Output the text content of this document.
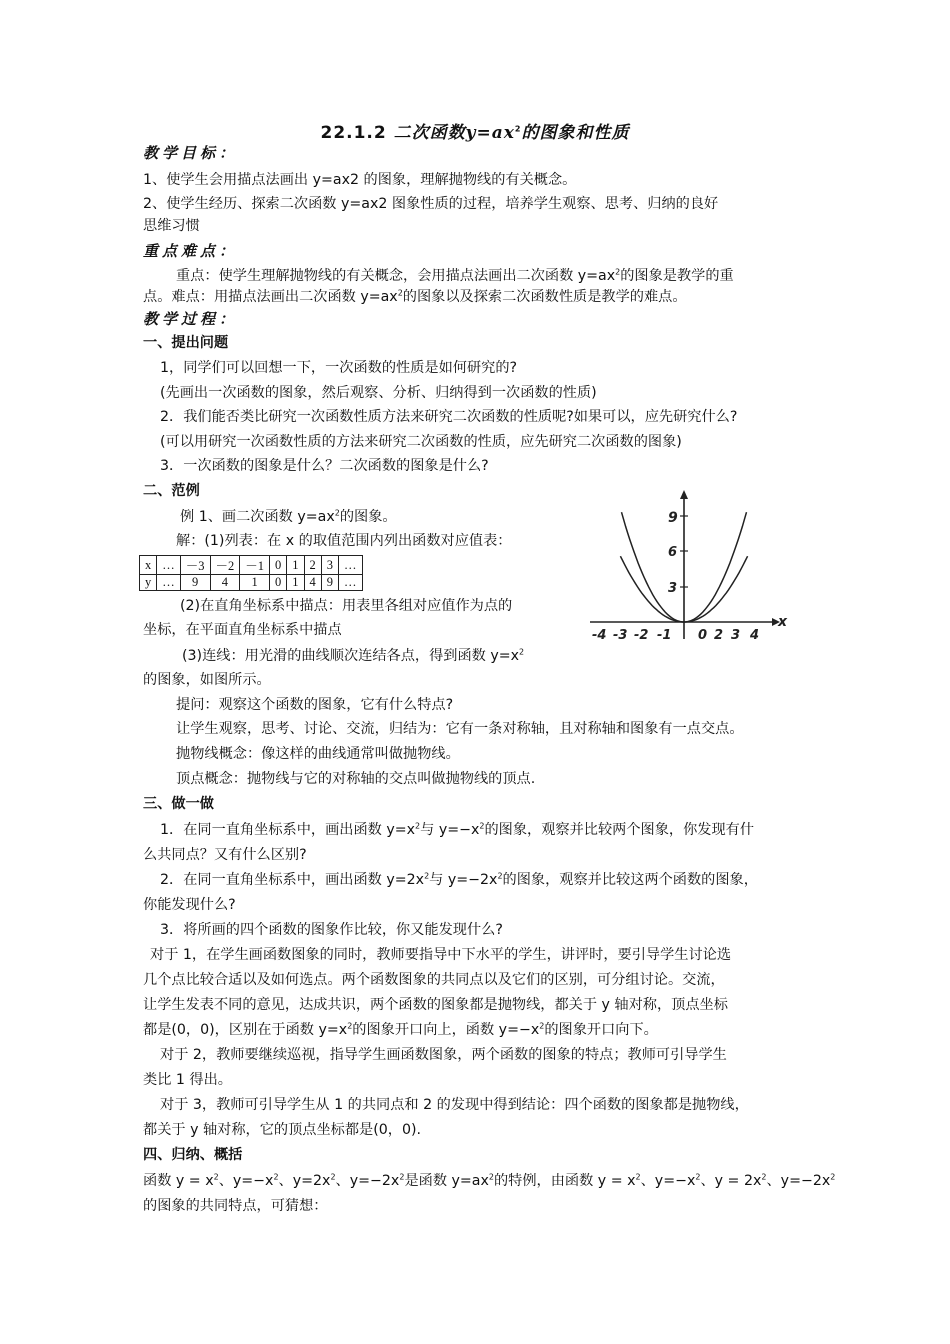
22.1.2 二次函数$y=ax^2$的图象和性质
教学目标：
1、使学生会用描点法画出 y=ax2 的图象，理解抛物线的有关概念。
2、使学生经历、探索二次函数 y=ax2 图象性质的过程，培养学生观察、思考、归纳的良好
思维习惯
重点难点：
重点：使学生理解抛物线的有关概念，会用描点法画出二次函数 $y=ax^2$的图象是教学的重
点。难点：用描点法画出二次函数 $y=ax^2$的图象以及探索二次函数性质是教学的难点。
教学过程：
一、提出问题
1，同学们可以回想一下，一次函数的性质是如何研究的?
(先画出一次函数的图象，然后观察、分析、归纳得到一次函数的性质)
2．我们能否类比研究一次函数性质方法来研究二次函数的性质呢?如果可以，应先研究什么?
(可以用研究一次函数性质的方法来研究二次函数的性质，应先研究二次函数的图象)
3．一次函数的图象是什么？二次函数的图象是什么?
二、范例
例 1、画二次函数 $y=ax^2$的图象。
解：(1)列表：在 x 的取值范围内列出函数对应值表：
x	…	－3	－2	－1	0	1	2	3	…
y	…	9	4	1	0	1	4	9	…
(2)在直角坐标系中描点：用表里各组对应值作为点的
坐标，在平面直角坐标系中描点
(3)连线：用光滑的曲线顺次连结各点，得到函数 $y=x^2$
的图象，如图所示。
提问：观察这个函数的图象，它有什么特点?
让学生观察，思考、讨论、交流，归结为：它有一条对称轴，且对称轴和图象有一点交点。
抛物线概念：像这样的曲线通常叫做抛物线。
顶点概念：抛物线与它的对称轴的交点叫做抛物线的顶点.
9
6
3
-4 -3 -2 -1 0 2 3 4
x
三、做一做
1．在同一直角坐标系中，画出函数 $y=x^2$与 $y=-x^2$的图象，观察并比较两个图象，你发现有什
么共同点？又有什么区别?
2．在同一直角坐标系中，画出函数 $y=2x^2$与 $y=-2x^2$的图象，观察并比较这两个函数的图象，
你能发现什么?
3．将所画的四个函数的图象作比较，你又能发现什么?
对于 1，在学生画函数图象的同时，教师要指导中下水平的学生，讲评时，要引导学生讨论选
几个点比较合适以及如何选点。两个函数图象的共同点以及它们的区别，可分组讨论。交流，
让学生发表不同的意见，达成共识，两个函数的图象都是抛物线，都关于 y 轴对称，顶点坐标
都是(0，0)，区别在于函数 $y=x^2$的图象开口向上，函数 $y=-x^2$的图象开口向下。
对于 2，教师要继续巡视，指导学生画函数图象，两个函数的图象的特点；教师可引导学生
类比 1 得出。
对于 3，教师可引导学生从 1 的共同点和 2 的发现中得到结论：四个函数的图象都是抛物线，
都关于 y 轴对称，它的顶点坐标都是(0，0).
四、归纳、概括
函数 $y = x^2$、$y=-x^2$、$y=2x^2$、$y=-2x^2$是函数 $y=ax^2$的特例，由函数 $y = x^2$、$y=-x^2$、$y = 2x^2$、$y=-2x^2$
的图象的共同特点，可猜想：
